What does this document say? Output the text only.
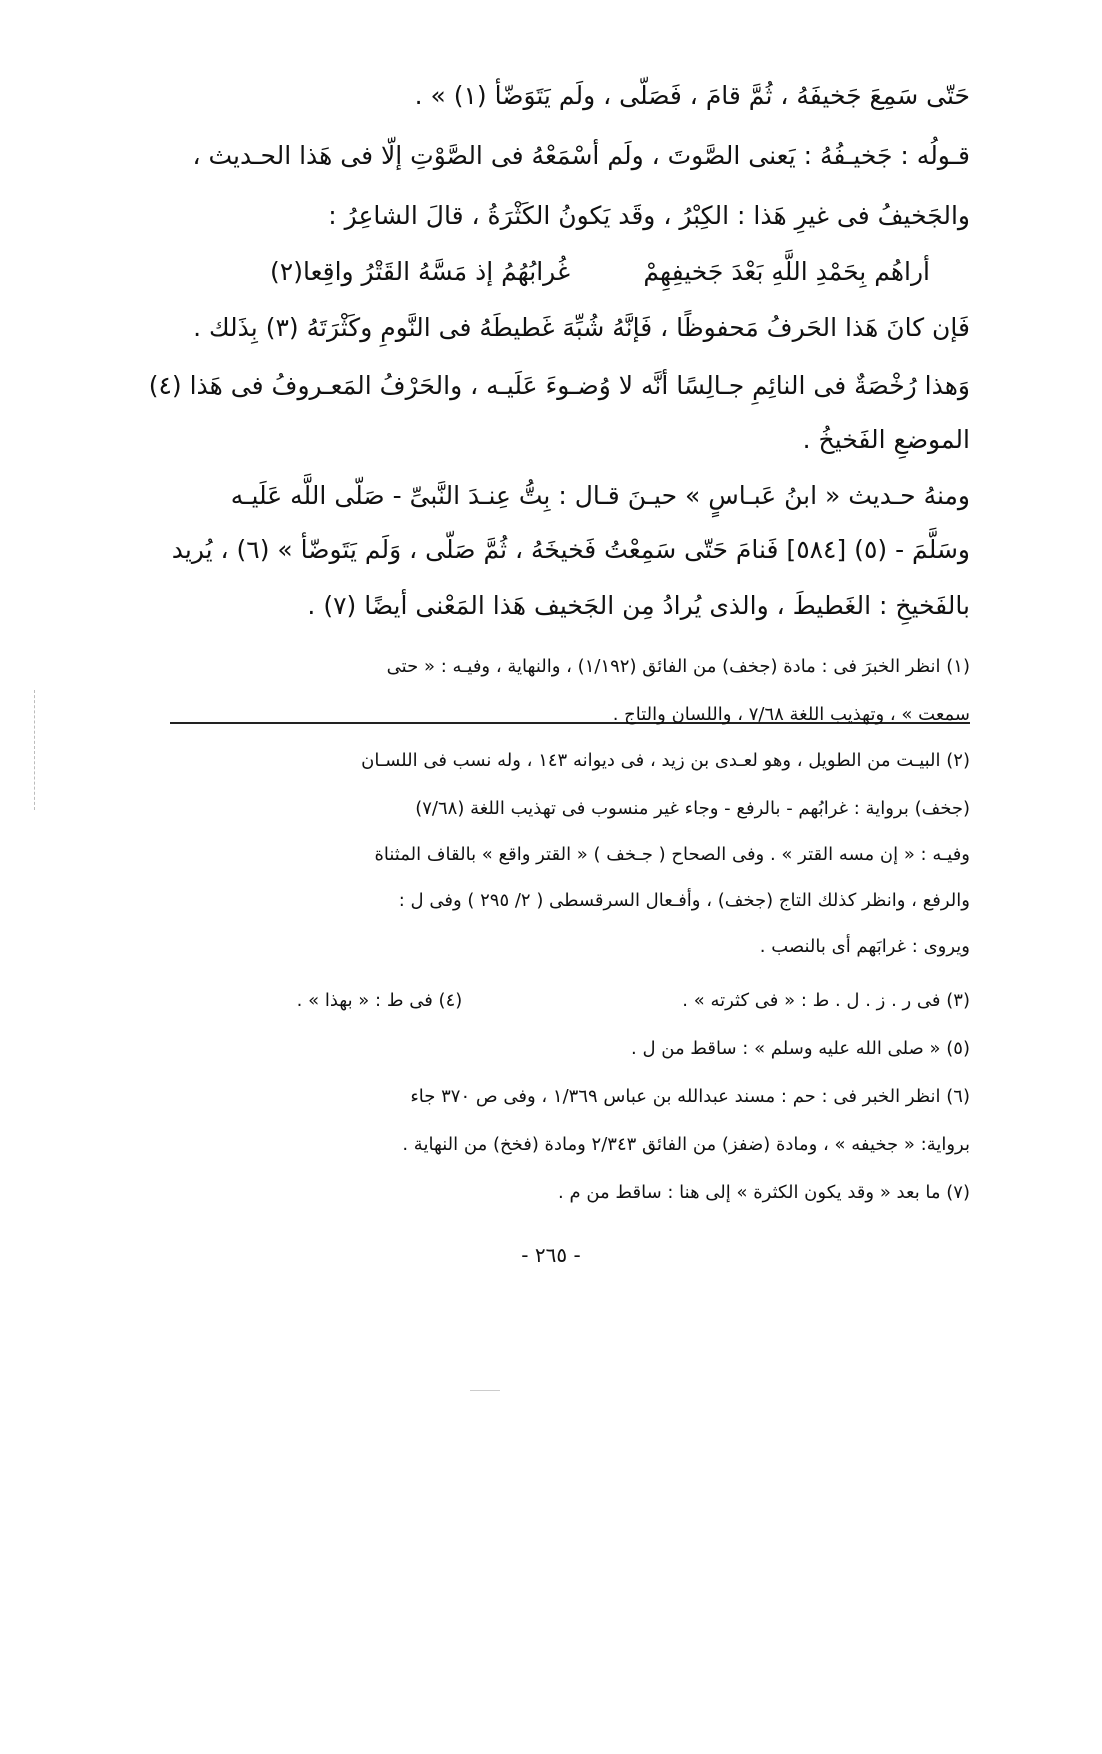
حَتّى سَمِعَ جَخيفَهُ ، ثُمَّ قامَ ، فَصَلّى ، ولَم يَتَوَضّأ (١) » .
قـولُه : جَخيـفُهُ : يَعنى الصَّوتَ ، ولَم أسْمَعْهُ فى الصَّوْتِ إلّا فى هَذا الحـديث ،
والجَخيفُ فى غيرِ هَذا : الكِبْرُ ، وقَد يَكونُ الكَثْرَةُ ، قالَ الشاعِرُ :
أراهُم بِحَمْدِ اللَّهِ بَعْدَ جَخيفِهِمْ
غُرابُهُمُ إذ مَسَّهُ القَتْرُ واقِعا(٢)
فَإن كانَ هَذا الحَرفُ مَحفوظًا ، فَإنَّهُ شُبِّهَ غَطيطَهُ فى النَّومِ وكَثْرَتَهُ (٣) بِذَلك .
وَهذا رُخْصَةٌ فى النائِمِ جـالِسًا أنَّه لا وُضـوءَ عَلَيـه ، والحَرْفُ المَعـروفُ فى هَذا (٤)
الموضعِ الفَخيخُ .
ومنهُ حـديث « ابنُ عَبـاسٍ » حيـنَ قـال : بِتُّ عِنـدَ النَّبىِّ - صَلّى اللَّه عَلَيـه
وسَلَّمَ - (٥) [٥٨٤] فَنامَ حَتّى سَمِعْتُ فَخيخَهُ ، ثُمَّ صَلّى ، وَلَم يَتَوضّأ » (٦) ، يُريد
بالفَخيخِ : الغَطيطَ ، والذى يُرادُ مِن الجَخيف هَذا المَعْنى أيضًا (٧) .
(١) انظر الخبرَ فى : مادة (جخف) من الفائق (١/١٩٢) ، والنهاية ، وفيـه : « حتى
سمعت » ، وتهذيب اللغة ٧/٦٨ ، واللسان والتاج .
(٢) البيـت من الطويل ، وهو لعـدى بن زيد ، فى ديوانه ١٤٣ ، وله نسب فى اللسـان
(جخف) برواية : غرابُهم - بالرفع - وجاء غير منسوب فى تهذيب اللغة (٧/٦٨)
وفيـه : « إن مسه القتر » . وفى الصحاح ( جـخف ) « القتر واقع » بالقاف المثناة
والرفع ، وانظر كذلك التاج (جخف) ، وأفـعال السرقسطى ( ٢/ ٢٩٥ ) وفى ل :
ويروى : غرابَهم أى بالنصب .
(٣) فى ر . ز . ل . ط : « فى كثرته » .
(٤) فى ط : « بهذا » .
(٥) « صلى الله عليه وسلم » : ساقط من ل .
(٦) انظر الخبر فى : حم : مسند عبدالله بن عباس ١/٣٦٩ ، وفى ص ٣٧٠ جاء
برواية: « جخيفه » ، ومادة (ضفز) من الفائق ٢/٣٤٣ ومادة (فخخ) من النهاية .
(٧) ما بعد « وقد يكون الكثرة » إلى هنا : ساقط من م .
- ٢٦٥ -
